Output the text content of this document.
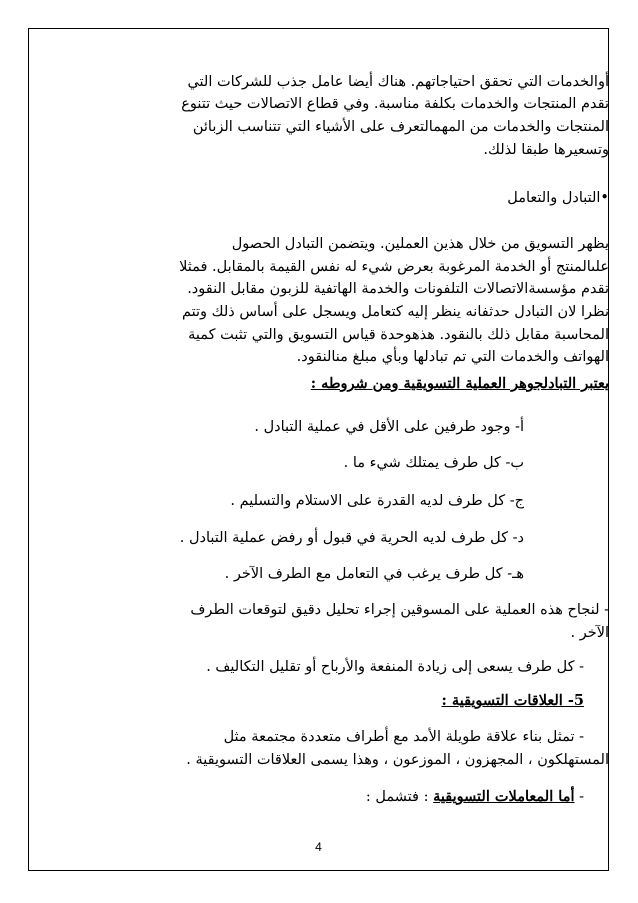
أوالخدمات التي تحقق احتياجاتهم. هناك أيضا عامل جذب للشركات التي
تقدم المنتجات والخدمات بكلفة مناسبة. وفي قطاع الاتصالات حيث تتنوع
المنتجات والخدمات من المهمالتعرف على الأشياء التي تتناسب الزبائن
وتسعيرها طبقا لذلك.
•التبادل والتعامل
يظهر التسويق من خلال هذين العملين. ويتضمن التبادل الحصول
علىالمنتج أو الخدمة المرغوبة بعرض شيء له نفس القيمة بالمقابل. فمثلا
تقدم مؤسسةالاتصالات التلفونات والخدمة الهاتفية للزبون مقابل النقود.
نظرا لان التبادل حدثفانه ينظر إليه كتعامل ويسجل على أساس ذلك وتتم
المحاسبة مقابل ذلك بالنقود. هذهوحدة قياس التسويق والتي تثبت كمية
الهواتف والخدمات التي تم تبادلها وبأي مبلغ منالنقود.
يعتبر التبادلجوهر العملية التسويقية ومن شروطه :
أ- وجود طرفين على الأقل في عملية التبادل .
ب- كل طرف يمتلك شيء ما .
ج- كل طرف لديه القدرة على الاستلام والتسليم .
د- كل طرف لديه الحرية في قبول أو رفض عملية التبادل .
هـ- كل طرف يرغب في التعامل مع الطرف الآخر .
- لنجاح هذه العملية على المسوقين إجراء تحليل دقيق لتوقعات الطرف
الآخر .
- كل طرف يسعى إلى زيادة المنفعة والأرباح أو تقليل التكاليف .
5- العلاقات التسويقية :
- تمثل بناء علاقة طويلة الأمد مع أطراف متعددة مجتمعة مثل
المستهلكون ، المجهزون ، الموزعون ، وهذا يسمى العلاقات التسويقية .
- أما المعاملات التسويقية : فتشمل :
4
